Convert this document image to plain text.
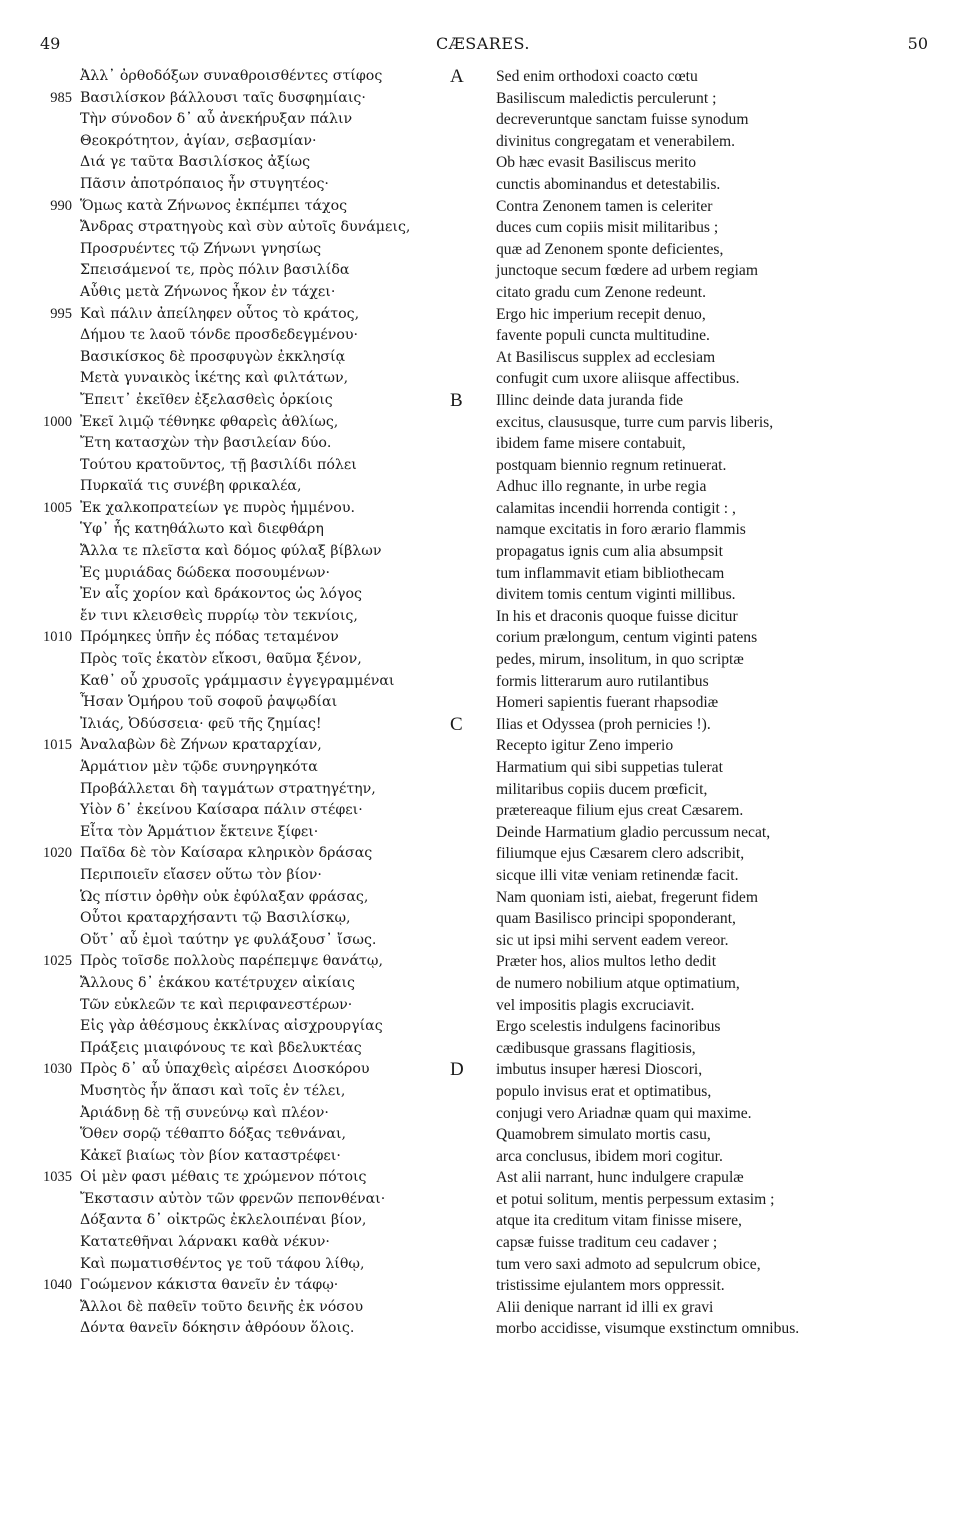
49	CÆSARES.	50
Ἀλλ᾽ ὀρθοδόξων συναθροισθέντες στίφος
985 Βασιλίσκον βάλλουσι ταῖς δυσφημίαις·
Τὴν σύνοδον δ᾽ αὖ ἀνεκήρυξαν πάλιν
Θεοκρότητον, ἁγίαν, σεβασμίαν·
Διά γε ταῦτα Βασιλίσκος ἀξίως
Πᾶσιν ἀποτρόπαιος ἦν στυγητέος·
990 Ὅμως κατὰ Ζήνωνος ἐκπέμπει τάχος
Ἄνδρας στρατηγοὺς καὶ σὺν αὐτοῖς δυνάμεις,
Προσρυέντες τῷ Ζήνωνι γνησίως
Σπεισάμενοί τε, πρὸς πόλιν βασιλίδα
Αὖθις μετὰ Ζήνωνος ἧκον ἐν τάχει·
995 Καὶ πάλιν ἀπείληφεν οὗτος τὸ κράτος,
Δήμου τε λαοῦ τόνδε προσδεδεγμένου·
Βασικίσκος δὲ προσφυγὼν ἐκκλησίᾳ
Μετὰ γυναικὸς ἱκέτης καὶ φιλτάτων,
Ἔπειτ᾽ ἐκεῖθεν ἐξελασθεὶς ὁρκίοις
1000 Ἐκεῖ λιμῷ τέθνηκε φθαρεὶς ἀθλίως,
Ἔτη κατασχὼν τὴν βασιλείαν δύο.
Τούτου κρατοῦντος, τῇ βασιλίδι πόλει
Πυρκαϊά τις συνέβη φρικαλέα,
1005 Ἐκ χαλκοπρατείων γε πυρὸς ἡμμένου.
Ὑφ᾽ ἧς κατηθάλωτο καὶ διεφθάρη
Ἄλλα τε πλεῖστα καὶ δόμος φύλαξ βίβλων
Ἐς μυριάδας δώδεκα ποσουμένων·
Ἐν αἷς χορίον καὶ δράκοντος ὡς λόγος
ἔν τινι κλεισθεὶς πυρρίῳ τὸν τεκνίοις,
1010 Πρόμηκες ὑπῆν ἐς πόδας τεταμένον
Πρὸς τοῖς ἑκατὸν εἴκοσι, θαῦμα ξένον,
Καθ᾽ οὗ χρυσοῖς γράμμασιν ἐγγεγραμμέναι
Ἦσαν Ὁμήρου τοῦ σοφοῦ ῥαψῳδίαι
Ἰλιάς, Ὀδύσσεια· φεῦ τῆς ζημίας!
1015 Ἀναλαβὼν δὲ Ζήνων κραταρχίαν,
Ἁρμάτιον μὲν τῷδε συνηργηκότα
Προβάλλεται δὴ ταγμάτων στρατηγέτην,
Υἱὸν δ᾽ ἐκείνου Καίσαρα πάλιν στέφει·
Εἶτα τὸν Ἁρμάτιον ἔκτεινε ξίφει·
1020 Παῖδα δὲ τὸν Καίσαρα κληρικὸν δράσας
Περιποιεῖν εἴασεν οὕτω τὸν βίον·
Ὡς πίστιν ὀρθὴν οὐκ ἐφύλαξαν φράσας,
Οὗτοι κραταρχήσαντι τῷ Βασιλίσκῳ,
Οὔτ᾽ αὖ ἐμοὶ ταύτην γε φυλάξουσ᾽ ἴσως.
1025 Πρὸς τοῖσδε πολλοὺς παρέπεμψε θανάτῳ,
Ἄλλους δ᾽ ἑκάκου κατέτρυχεν αἰκίαις
Τῶν εὐκλεῶν τε καὶ περιφανεστέρων·
Εἰς γὰρ ἀθέσμους ἐκκλίνας αἰσχρουργίας
Πράξεις μιαιφόνους τε καὶ βδελυκτέας
1030 Πρὸς δ᾽ αὖ ὑπαχθεὶς αἱρέσει Διοσκόρου
Μυσητὸς ἦν ἅπασι καὶ τοῖς ἐν τέλει,
Ἀριάδνῃ δὲ τῇ συνεύνῳ καὶ πλέον·
Ὅθεν σορῷ τέθαπτο δόξας τεθνάναι,
Κἀκεῖ βιαίως τὸν βίον καταστρέφει·
1035 Οἱ μὲν φασι μέθαις τε χρώμενον πότοις
Ἔκστασιν αὐτὸν τῶν φρενῶν πεπονθέναι·
Δόξαντα δ᾽ οἰκτρῶς ἐκλελοιπέναι βίον,
Κατατεθῆναι λάρνακι καθὰ νέκυν·
Καὶ πωματισθέντος γε τοῦ τάφου λίθῳ,
1040 Γοώμενον κάκιστα θανεῖν ἐν τάφῳ·
Ἄλλοι δὲ παθεῖν τοῦτο δεινῆς ἐκ νόσου
Δόντα θανεῖν δόκησιν ἀθρόουν ὅλοις.
A Sed enim orthodoxi coacto cœtu
Basiliscum maledictis perculerunt ;
decreveruntque sanctam fuisse synodum
divinitus congregatam et venerabilem.
Ob hæc evasit Basiliscus merito
cunctis abominandus et detestabilis.
Contra Zenonem tamen is celeriter
duces cum copiis misit militaribus ;
quæ ad Zenonem sponte deficientes,
junctoque secum fœdere ad urbem regiam
citato gradu cum Zenone redeunt.
Ergo hic imperium recepit denuo,
favente populi cuncta multitudine.
At Basiliscus supplex ad ecclesiam
confugit cum uxore aliisque affectibus.
B Illinc deinde data juranda fide
excitus, claususque, turre cum parvis liberis,
ibidem fame misere contabuit,
postquam biennio regnum retinuerat.
Adhuc illo regnante, in urbe regia
calamitas incendii horrenda contigit : ,
namque excitatis in foro ærario flammis
propagatus ignis cum alia absumpsit
tum inflammavit etiam bibliothecam
divitem tomis centum viginti millibus.
In his et draconis quoque fuisse dicitur
corium prælongum, centum viginti patens
pedes, mirum, insolitum, in quo scriptæ
formis litterarum auro rutilantibus
Homeri sapientis fuerant rhapsodiæ
C Ilias et Odyssea (proh pernicies !).
Recepto igitur Zeno imperio
Harmatium qui sibi suppetias tulerat
militaribus copiis ducem prœficit,
prætereaque filium ejus creat Cæsarem.
Deinde Harmatium gladio percussum necat,
filiumque ejus Cæsarem clero adscribit,
sicque illi vitæ veniam retinendæ facit.
Nam quoniam isti, aiebat, fregerunt fidem
quam Basilisco principi spoponderant,
sic ut ipsi mihi servent eadem vereor.
Præter hos, alios multos letho dedit
de numero nobilium atque optimatium,
vel impositis plagis excruciavit.
Ergo scelestis indulgens facinoribus
cædibusque grassans flagitiosis,
D imbutus insuper hæresi Dioscori,
populo invisus erat et optimatibus,
conjugi vero Ariadnæ quam qui maxime.
Quamobrem simulato mortis casu,
arca conclusus, ibidem mori cogitur.
Ast alii narrant, hunc indulgere crapulæ
et potui solitum, mentis perpessum extasim ;
atque ita creditum vitam finisse misere,
capsæ fuisse traditum ceu cadaver ;
tum vero saxi admoto ad sepulcrum obice,
tristissime ejulantem mors oppressit.
Alii denique narrant id illi ex gravi
morbo accidisse, visumque exstinctum omnibus.
